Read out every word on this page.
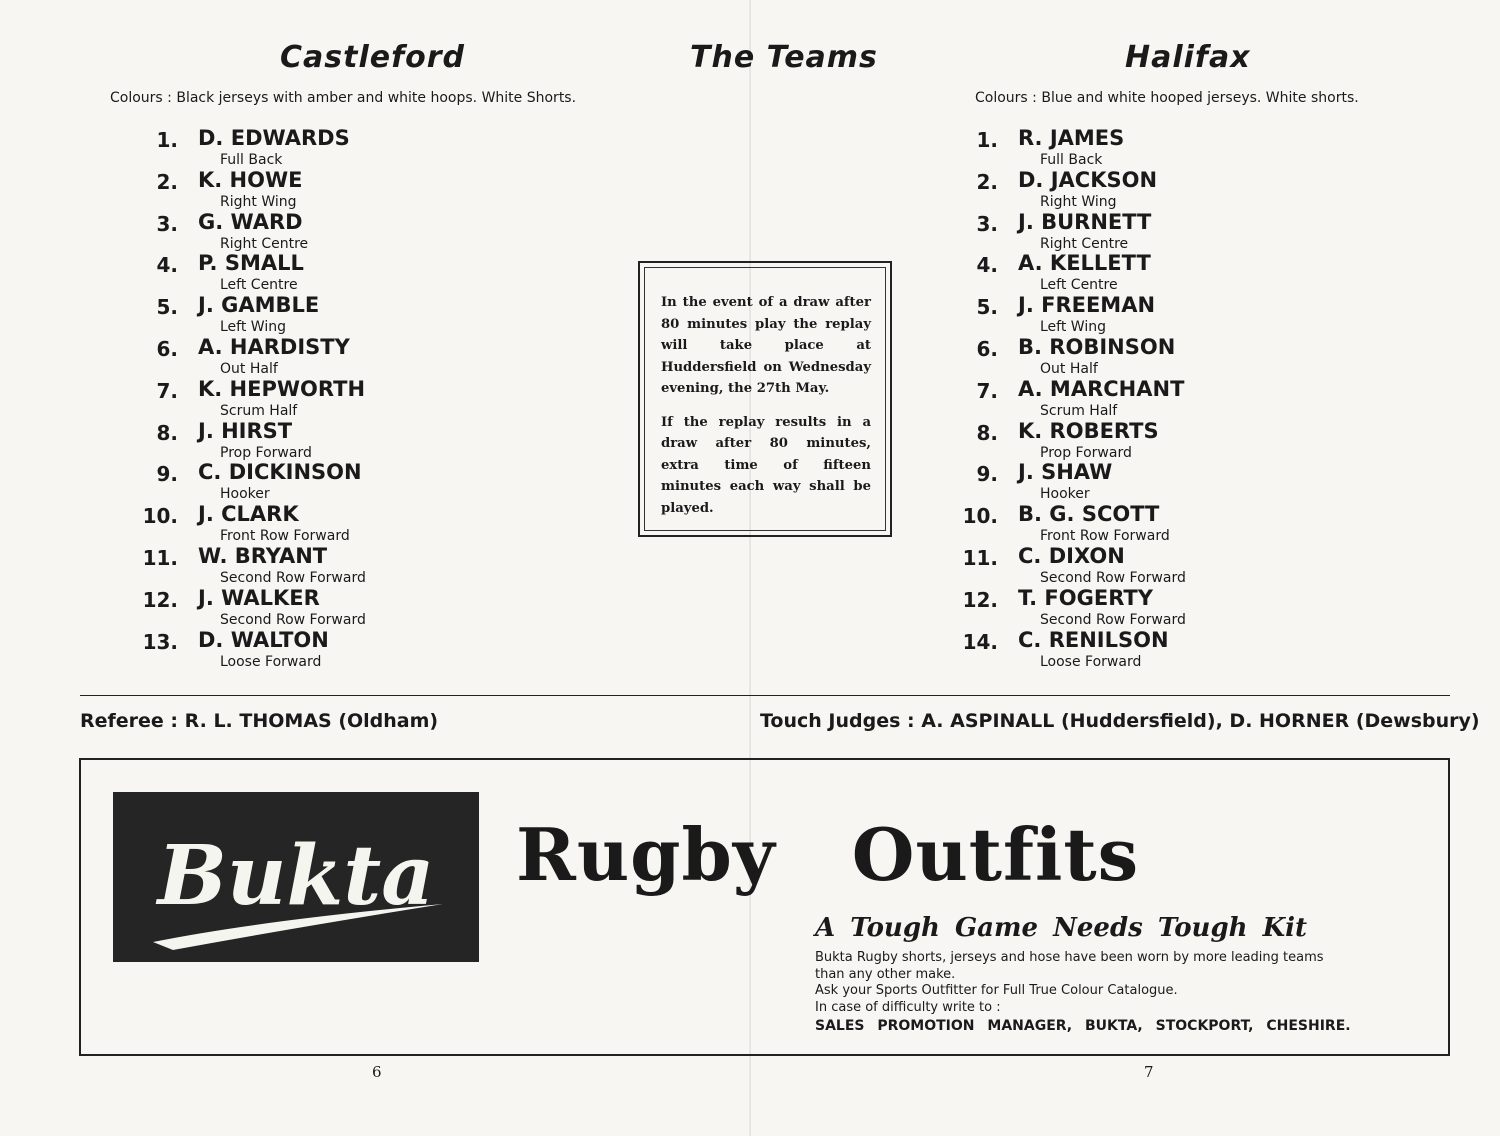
Castleford	The Teams	Halifax
Colours : Black jerseys with amber and white hoops. White Shorts.	Colours : Blue and white hooped jerseys. White shorts.
1. D. EDWARDS
Full Back
2. K. HOWE
Right Wing
3. G. WARD
Right Centre
4. P. SMALL
Left Centre
5. J. GAMBLE
Left Wing
6. A. HARDISTY
Out Half
7. K. HEPWORTH
Scrum Half
8. J. HIRST
Prop Forward
9. C. DICKINSON
Hooker
10. J. CLARK
Front Row Forward
11. W. BRYANT
Second Row Forward
12. J. WALKER
Second Row Forward
13. D. WALTON
Loose Forward
1. R. JAMES
Full Back
2. D. JACKSON
Right Wing
3. J. BURNETT
Right Centre
4. A. KELLETT
Left Centre
5. J. FREEMAN
Left Wing
6. B. ROBINSON
Out Half
7. A. MARCHANT
Scrum Half
8. K. ROBERTS
Prop Forward
9. J. SHAW
Hooker
10. B. G. SCOTT
Front Row Forward
11. C. DIXON
Second Row Forward
12. T. FOGERTY
Second Row Forward
14. C. RENILSON
Loose Forward

In the event of a draw after 80 minutes play the replay will take place at Huddersfield on Wednesday evening, the 27th May.

If the replay results in a draw after 80 minutes, extra time of fifteen minutes each way shall be played.

Referee : R. L. THOMAS (Oldham)	Touch Judges : A. ASPINALL (Huddersfield), D. HORNER (Dewsbury)
Bukta Rugby Outfits
A Tough Game Needs Tough Kit
Bukta Rugby shorts, jerseys and hose have been worn by more leading teams
than any other make.
Ask your Sports Outfitter for Full True Colour Catalogue.
In case of difficulty write to :
SALES PROMOTION MANAGER, BUKTA, STOCKPORT, CHESHIRE.
6	7
